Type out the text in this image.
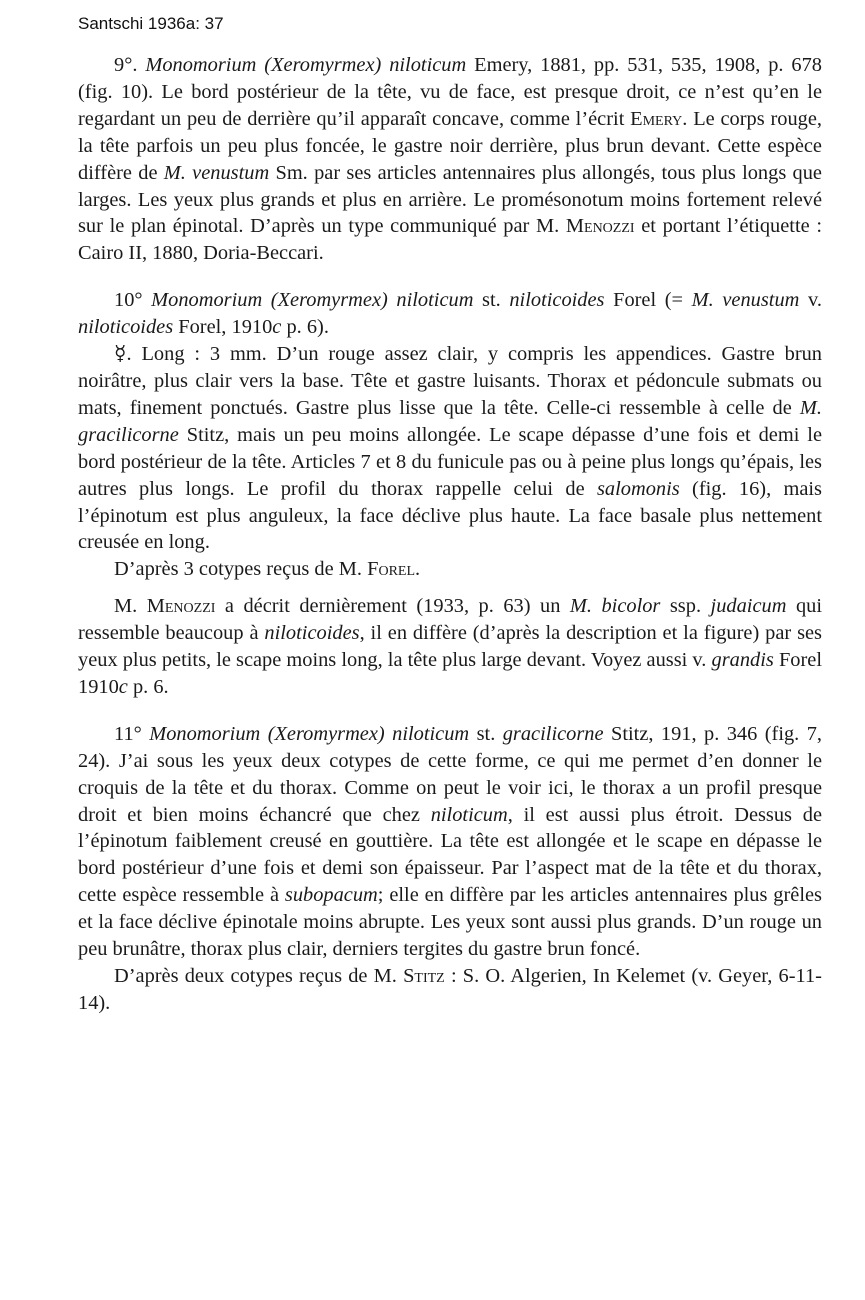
Santschi 1936a: 37

9°. Monomorium (Xeromyrmex) niloticum Emery, 1881, pp. 531, 535, 1908, p. 678 (fig. 10). Le bord postérieur de la tête, vu de face, est presque droit, ce n’est qu’en le regardant un peu de derrière qu’il apparaît concave, comme l’écrit Emery. Le corps rouge, la tête parfois un peu plus foncée, le gastre noir derrière, plus brun devant. Cette espèce diffère de M. venustum Sm. par ses articles antennaires plus allongés, tous plus longs que larges. Les yeux plus grands et plus en arrière. Le promésonotum moins fortement relevé sur le plan épinotal. D’après un type communiqué par M. Menozzi et portant l’étiquette : Cairo II, 1880, Doria-Beccari.

10° Monomorium (Xeromyrmex) niloticum st. niloticoides Forel (= M. venustum v. niloticoides Forel, 1910c p. 6).

☿. Long : 3 mm. D’un rouge assez clair, y compris les appendices. Gastre brun noirâtre, plus clair vers la base. Tête et gastre luisants. Thorax et pédoncule submats ou mats, finement ponctués. Gastre plus lisse que la tête. Celle-ci ressemble à celle de M. gracilicorne Stitz, mais un peu moins allongée. Le scape dépasse d’une fois et demi le bord postérieur de la tête. Articles 7 et 8 du funicule pas ou à peine plus longs qu’épais, les autres plus longs. Le profil du thorax rappelle celui de salomonis (fig. 16), mais l’épinotum est plus anguleux, la face déclive plus haute. La face basale plus nettement creusée en long.

D’après 3 cotypes reçus de M. Forel.

M. Menozzi a décrit dernièrement (1933, p. 63) un M. bicolor ssp. judaicum qui ressemble beaucoup à niloticoides, il en diffère (d’après la description et la figure) par ses yeux plus petits, le scape moins long, la tête plus large devant. Voyez aussi v. grandis Forel 1910c p. 6.

11° Monomorium (Xeromyrmex) niloticum st. gracilicorne Stitz, 191, p. 346 (fig. 7, 24). J’ai sous les yeux deux cotypes de cette forme, ce qui me permet d’en donner le croquis de la tête et du thorax. Comme on peut le voir ici, le thorax a un profil presque droit et bien moins échancré que chez niloticum, il est aussi plus étroit. Dessus de l’épinotum faiblement creusé en gouttière. La tête est allongée et le scape en dépasse le bord postérieur d’une fois et demi son épaisseur. Par l’aspect mat de la tête et du thorax, cette espèce ressemble à subopacum; elle en diffère par les articles antennaires plus grêles et la face déclive épinotale moins abrupte. Les yeux sont aussi plus grands. D’un rouge un peu brunâtre, thorax plus clair, derniers tergites du gastre brun foncé.

D’après deux cotypes reçus de M. Stitz : S. O. Algerien, In Kelemet (v. Geyer, 6-11-14).
